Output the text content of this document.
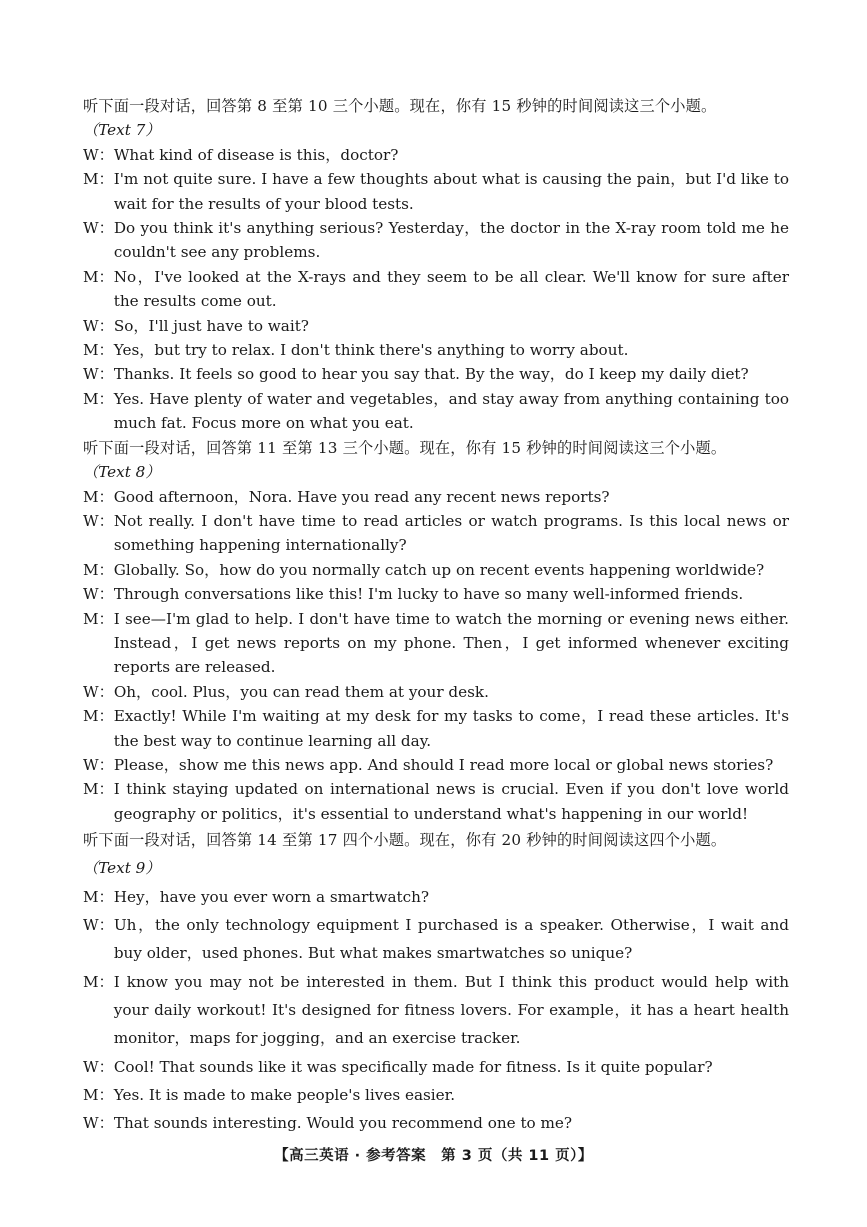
听下面一段对话，回答第 8 至第 10 三个小题。现在，你有 15 秒钟的时间阅读这三个小题。
（Text 7）
W： What kind of disease is this，doctor?
M： I'm not quite sure. I have a few thoughts about what is causing the pain，but I'd like to wait for the results of your blood tests.
W： Do you think it's anything serious? Yesterday，the doctor in the X-ray room told me he couldn't see any problems.
M： No，I've looked at the X-rays and they seem to be all clear. We'll know for sure after the results come out.
W： So，I'll just have to wait?
M： Yes，but try to relax. I don't think there's anything to worry about.
W： Thanks. It feels so good to hear you say that. By the way，do I keep my daily diet?
M： Yes. Have plenty of water and vegetables，and stay away from anything containing too much fat. Focus more on what you eat.
听下面一段对话，回答第 11 至第 13 三个小题。现在，你有 15 秒钟的时间阅读这三个小题。
（Text 8）
M： Good afternoon，Nora. Have you read any recent news reports?
W： Not really. I don't have time to read articles or watch programs. Is this local news or something happening internationally?
M： Globally. So，how do you normally catch up on recent events happening worldwide?
W： Through conversations like this! I'm lucky to have so many well-informed friends.
M： I see—I'm glad to help. I don't have time to watch the morning or evening news either. Instead，I get news reports on my phone. Then，I get informed whenever exciting reports are released.
W： Oh，cool. Plus，you can read them at your desk.
M： Exactly! While I'm waiting at my desk for my tasks to come，I read these articles. It's the best way to continue learning all day.
W： Please，show me this news app. And should I read more local or global news stories?
M： I think staying updated on international news is crucial. Even if you don't love world geography or politics，it's essential to understand what's happening in our world!
听下面一段对话，回答第 14 至第 17 四个小题。现在，你有 20 秒钟的时间阅读这四个小题。
（Text 9）
M： Hey，have you ever worn a smartwatch?
W： Uh，the only technology equipment I purchased is a speaker. Otherwise，I wait and buy older，used phones. But what makes smartwatches so unique?
M： I know you may not be interested in them. But I think this product would help with your daily workout! It's designed for fitness lovers. For example，it has a heart health monitor，maps for jogging，and an exercise tracker.
W： Cool! That sounds like it was specifically made for fitness. Is it quite popular?
M： Yes. It is made to make people's lives easier.
W： That sounds interesting. Would you recommend one to me?
【高三英语 · 参考答案　第 3 页（共 11 页）】
